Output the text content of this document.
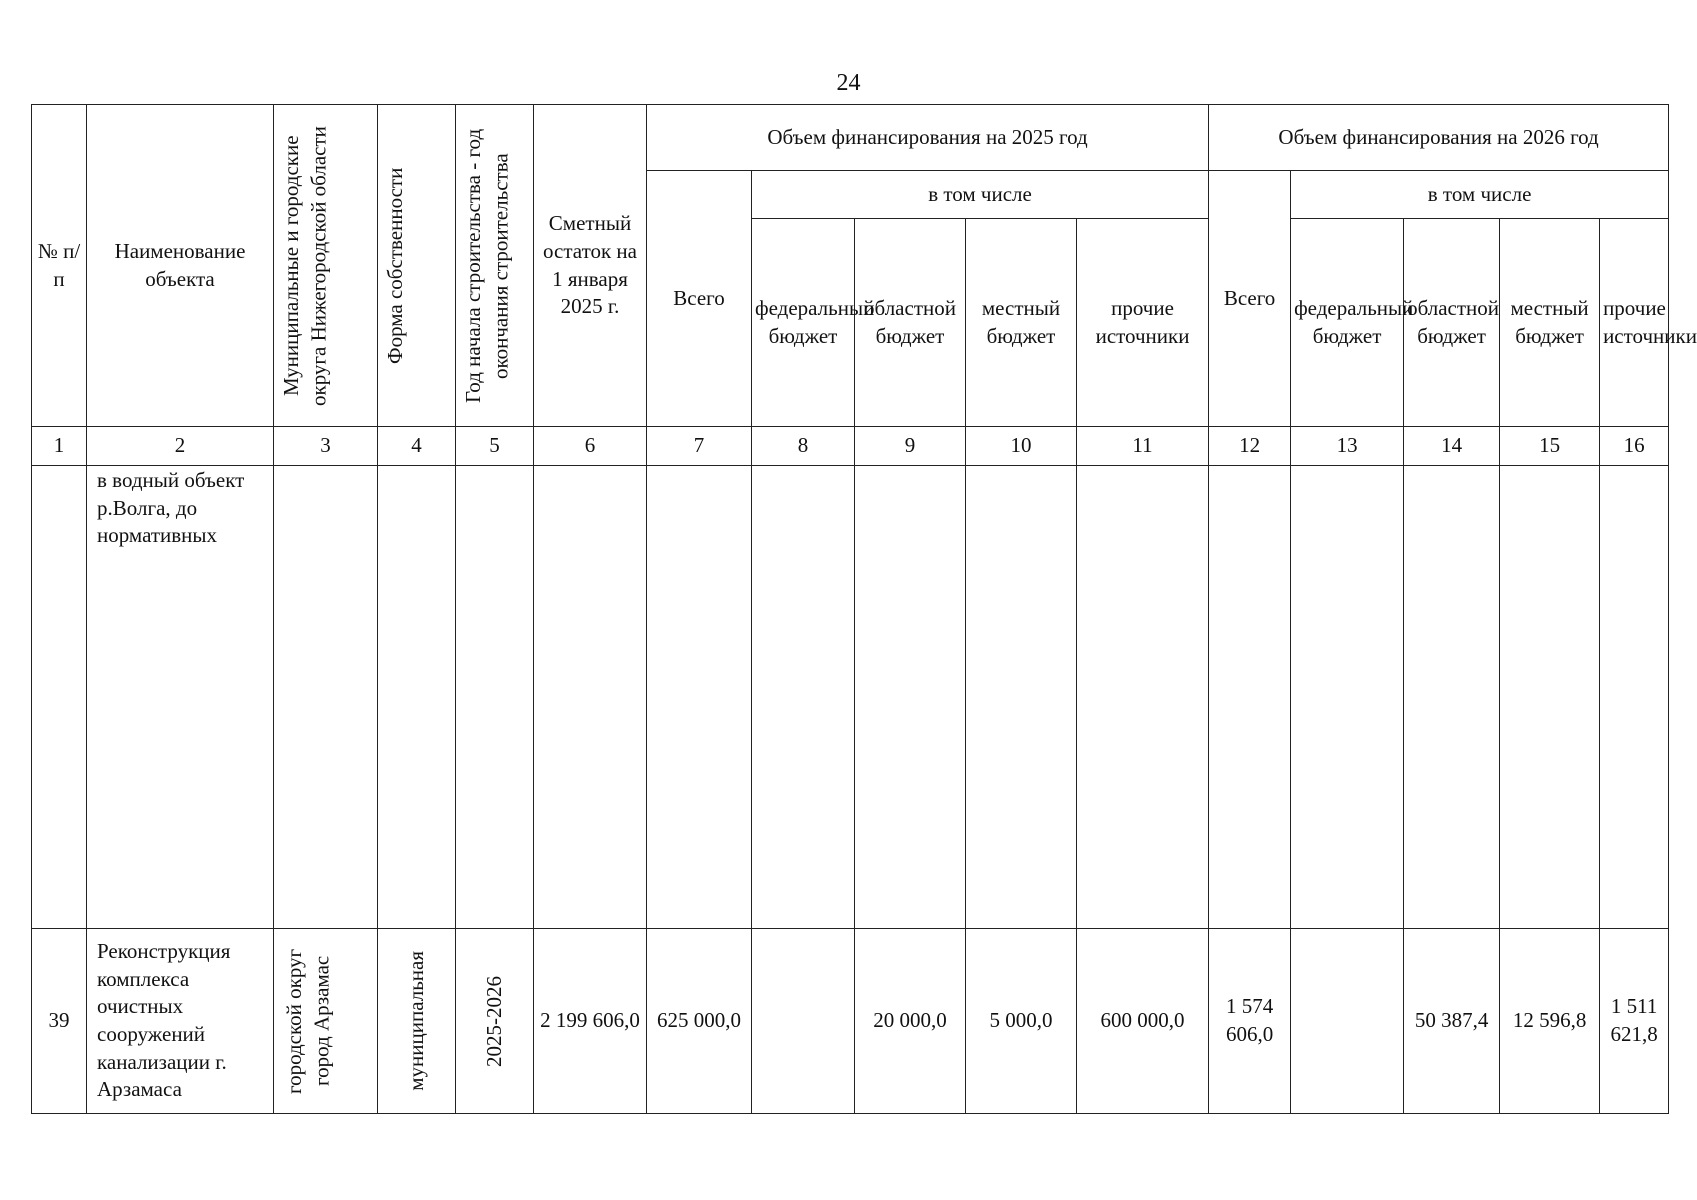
24
№ п/п	Наименование объекта	Муниципальные и городские округа Нижегородской области	Форма собственности	Год начала строительства - год окончания строительства	Сметный остаток на 1 января 2025 г.	Объем финансирования на 2025 год					Объем финансирования на 2026 год				
						Всего	в том числе				Всего	в том числе			
							федеральный бюджет	областной бюджет	местный бюджет	прочие источники		федеральный бюджет	областной бюджет	местный бюджет	прочие источники
1	2	3	4	5	6	7	8	9	10	11	12	13	14	15	16
	в водный объект р.Волга, до нормативных														
39	Реконструкция комплекса очистных сооружений канализации г. Арзамаса	городской округ город Арзамас	муниципальная	2025-2026	2 199 606,0	625 000,0		20 000,0	5 000,0	600 000,0	1 574 606,0		50 387,4	12 596,8	1 511 621,8
